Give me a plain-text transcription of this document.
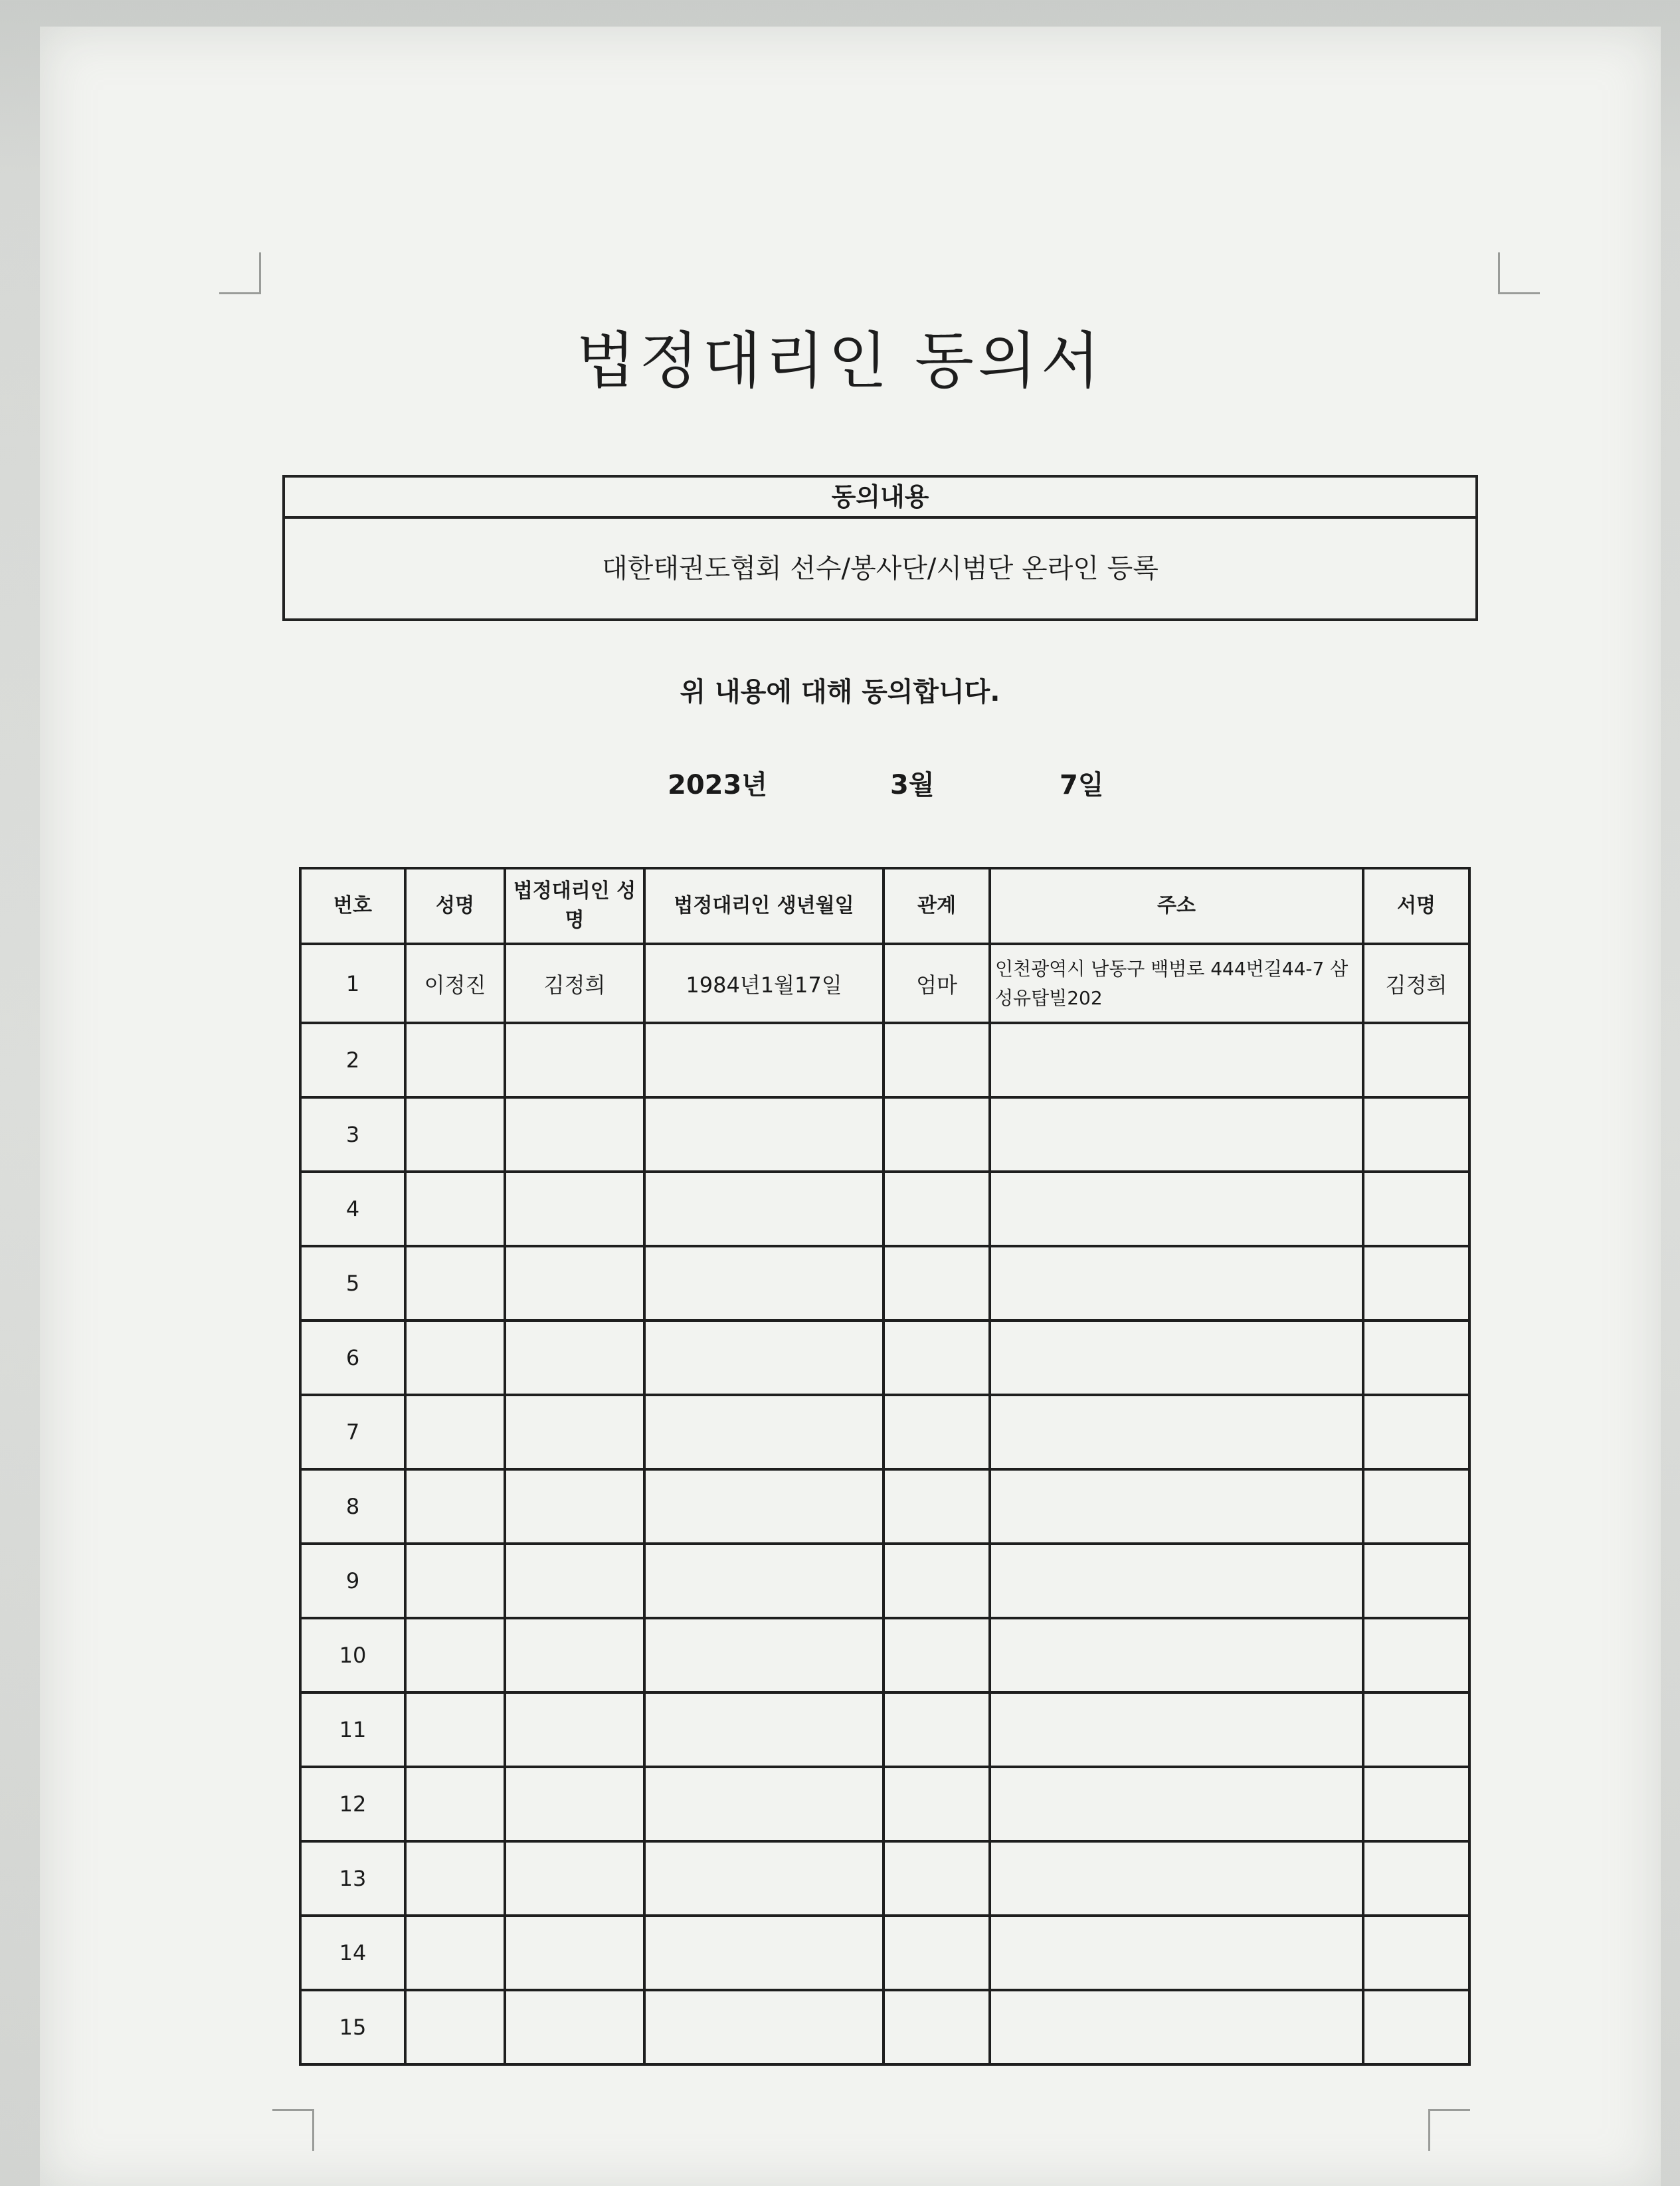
법정대리인 동의서
동의내용
대한태권도협회 선수/봉사단/시범단 온라인 등록
위 내용에 대해 동의합니다.
2023년	3월	7일
번호	성명	법정대리인 성명	법정대리인 생년월일	관계	주소	서명
1	이정진	김정희	1984년1월17일	엄마	인천광역시 남동구 백범로 444번길44-7 삼성유탑빌202	김정희
2						
3						
4						
5						
6						
7						
8						
9						
10						
11						
12						
13						
14						
15						
